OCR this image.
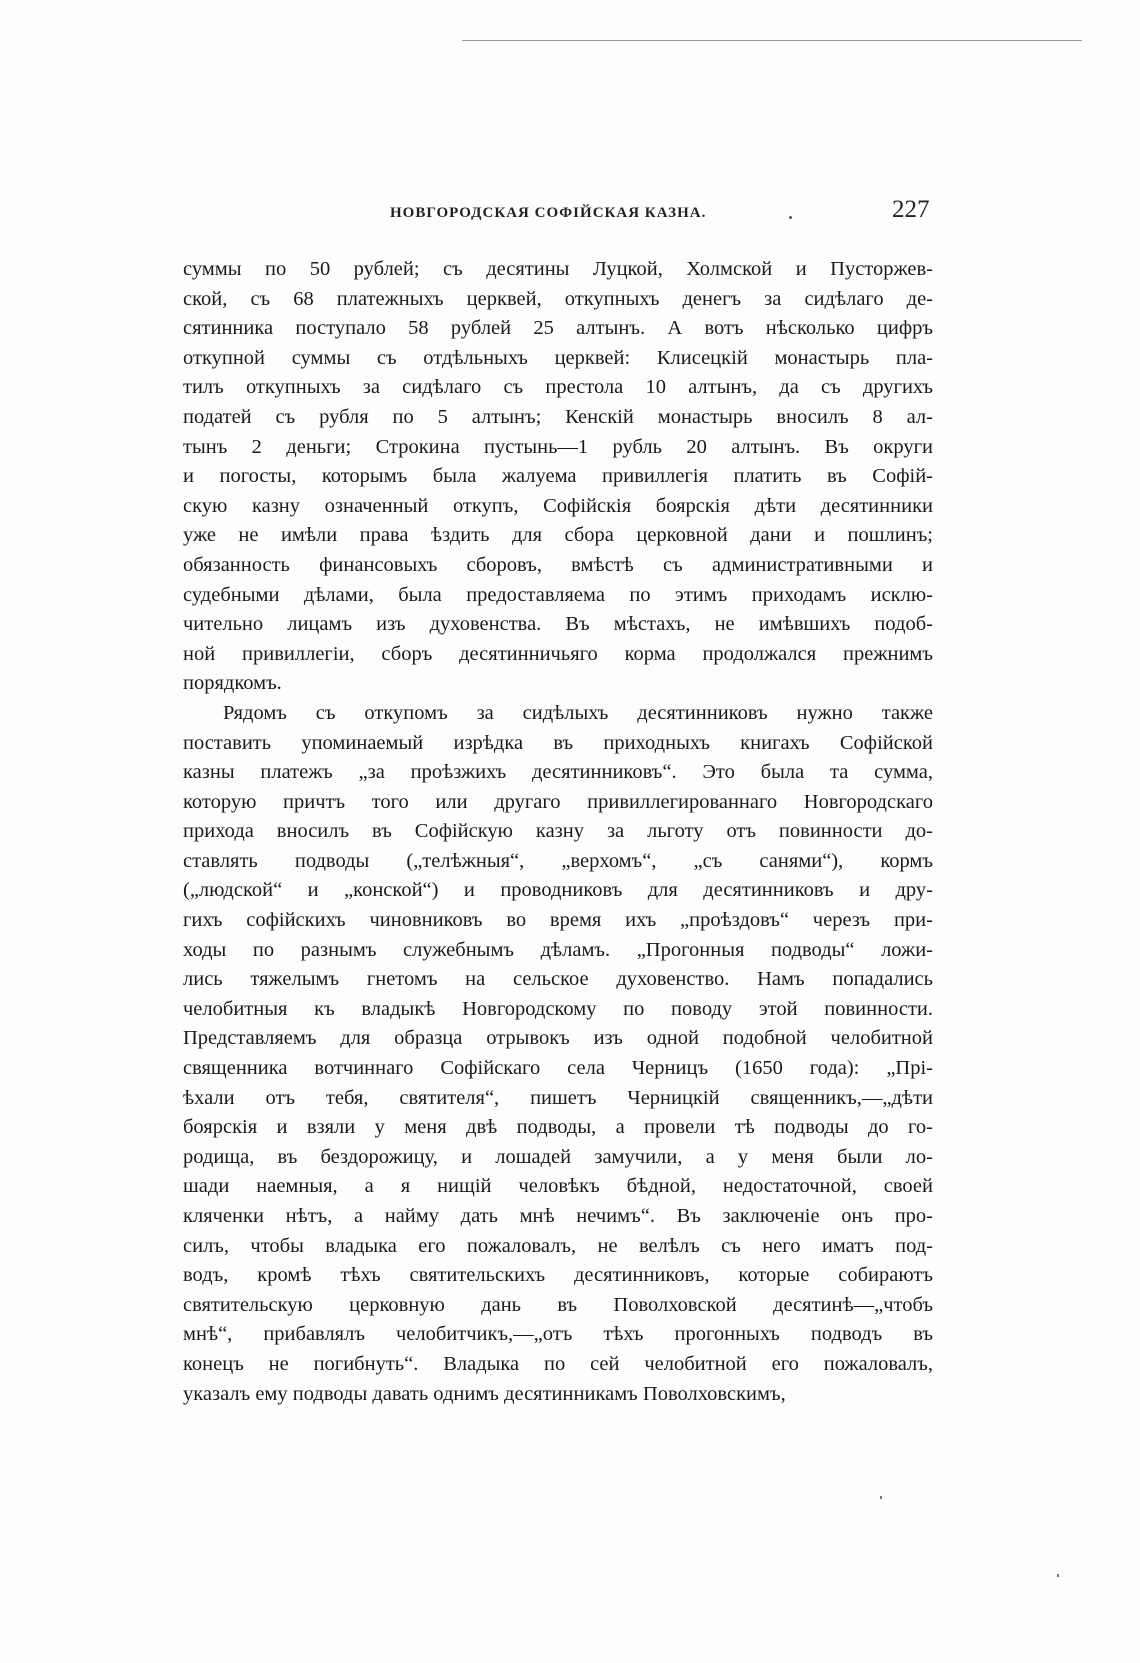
НОВГОРОДСКАЯ СОФІЙСКАЯ КАЗНА.	227
суммы по 50 рублей; съ десятины Луцкой, Холмской и Пусторжев-
ской, съ 68 платежныхъ церквей, откупныхъ денегъ за сидѣлаго де-
сятинника поступало 58 рублей 25 алтынъ. А вотъ нѣсколько цифръ
откупной суммы съ отдѣльныхъ церквей: Клисецкій монастырь пла-
тилъ откупныхъ за сидѣлаго съ престола 10 алтынъ, да съ другихъ
податей съ рубля по 5 алтынъ; Кенскій монастырь вносилъ 8 ал-
тынъ 2 деньги; Строкина пустынь—1 рубль 20 алтынъ. Въ округи
и погосты, которымъ была жалуема привиллегія платить въ Софій-
скую казну означенный откупъ, Софійскія боярскія дѣти десятинники
уже не имѣли права ѣздить для сбора церковной дани и пошлинъ;
обязанность финансовыхъ сборовъ, вмѣстѣ съ административными и
судебными дѣлами, была предоставляема по этимъ приходамъ исклю-
чительно лицамъ изъ духовенства. Въ мѣстахъ, не имѣвшихъ подоб-
ной привиллегіи, сборъ десятинничьяго корма продолжался прежнимъ
порядкомъ.
Рядомъ съ откупомъ за сидѣлыхъ десятинниковъ нужно также
поставить упоминаемый изрѣдка въ приходныхъ книгахъ Софійской
казны платежъ „за проѣзжихъ десятинниковъ“. Это была та сумма,
которую причтъ того или другаго привиллегированнаго Новгородскаго
прихода вносилъ въ Софійскую казну за льготу отъ повинности до-
ставлять подводы („телѣжныя“, „верхомъ“, „съ санями“), кормъ
(„людской“ и „конской“) и проводниковъ для десятинниковъ и дру-
гихъ софійскихъ чиновниковъ во время ихъ „проѣздовъ“ черезъ при-
ходы по разнымъ служебнымъ дѣламъ. „Прогонныя подводы“ ложи-
лись тяжелымъ гнетомъ на сельское духовенство. Намъ попадались
челобитныя къ владыкѣ Новгородскому по поводу этой повинности.
Представляемъ для образца отрывокъ изъ одной подобной челобитной
священника вотчиннаго Софійскаго села Черницъ (1650 года): „Прі-
ѣхали отъ тебя, святителя“, пишетъ Черницкій священникъ,—„дѣти
боярскія и взяли у меня двѣ подводы, а провели тѣ подводы до го-
родища, въ бездорожицу, и лошадей замучили, а у меня были ло-
шади наемныя, а я нищій человѣкъ бѣдной, недостаточной, своей
кляченки нѣтъ, а найму дать мнѣ нечимъ“. Въ заключеніе онъ про-
силъ, чтобы владыка его пожаловалъ, не велѣлъ съ него иматъ под-
водъ, кромѣ тѣхъ святительскихъ десятинниковъ, которые собираютъ
святительскую церковную дань въ Поволховской десятинѣ—„чтобъ
мнѣ“, прибавлялъ челобитчикъ,—„отъ тѣхъ прогонныхъ подводъ въ
конецъ не погибнуть“. Владыка по сей челобитной его пожаловалъ,
указалъ ему подводы давать однимъ десятинникамъ Поволховскимъ,
